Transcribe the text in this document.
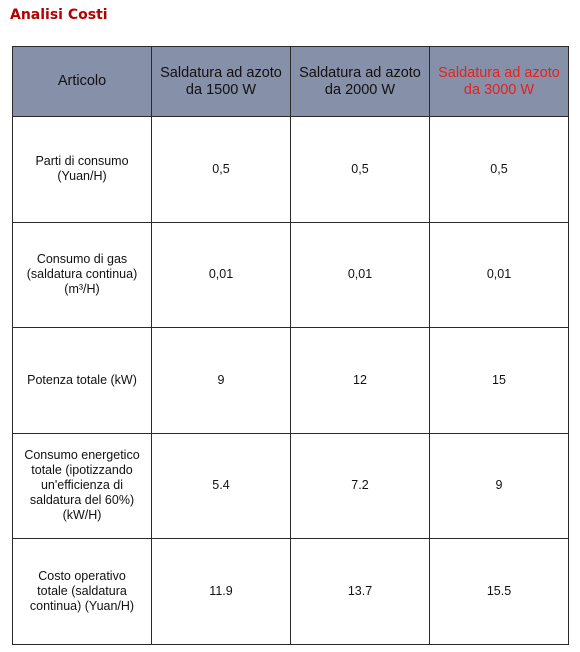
Analisi Costi
Articolo	Saldatura ad azoto da 1500 W	Saldatura ad azoto da 2000 W	Saldatura ad azoto da 3000 W
Parti di consumo (Yuan/H)	0,5	0,5	0,5
Consumo di gas (saldatura continua) (m³/H)	0,01	0,01	0,01
Potenza totale (kW)	9	12	15
Consumo energetico totale (ipotizzando un'efficienza di saldatura del 60%) (kW/H)	5.4	7.2	9
Costo operativo totale (saldatura continua) (Yuan/H)	11.9	13.7	15.5
